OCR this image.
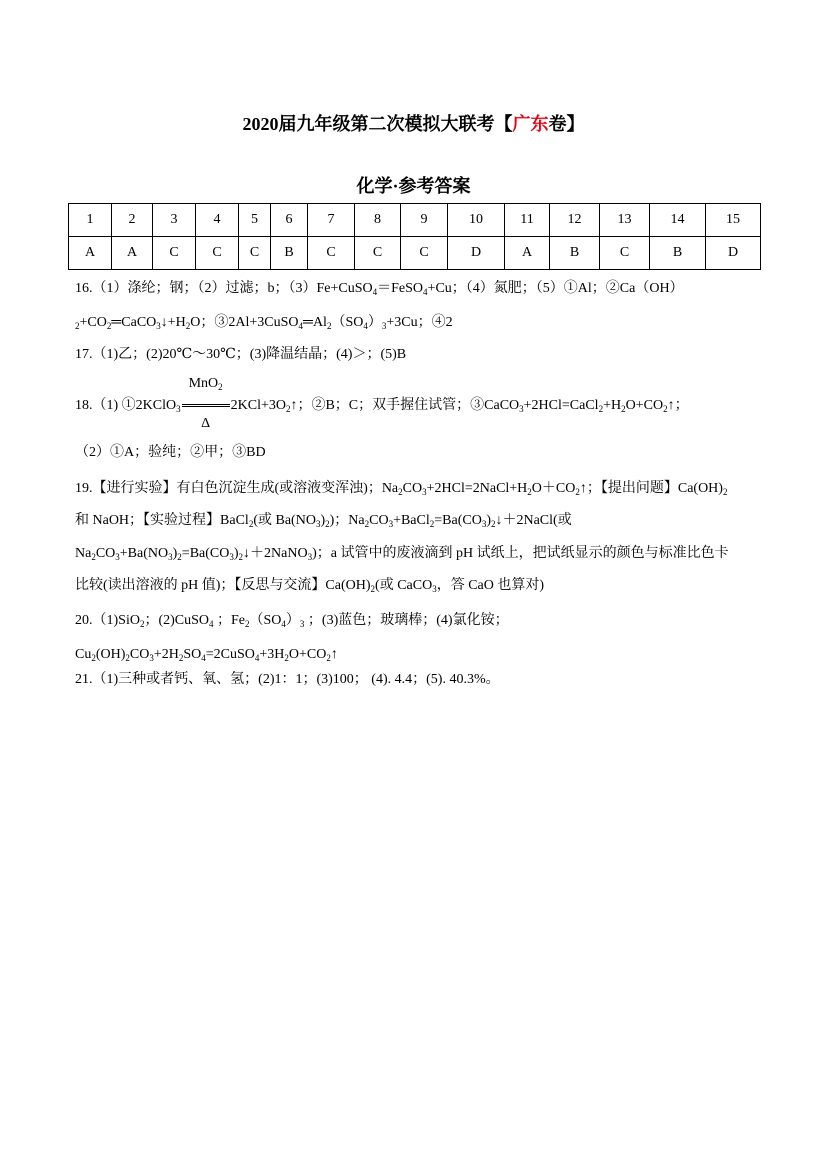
2020届九年级第二次模拟大联考【广东卷】
化学·参考答案
1	2	3	4	5	6	7	8	9	10	11	12	13	14	15
A	A	C	C	C	B	C	C	C	D	A	B	C	B	D
16.（1）涤纶；钢；（2）过滤；b；（3）Fe+CuSO$_4$＝FeSO$_4$+Cu；（4）氮肥；（5）①Al；②Ca（OH）
$_2+CO_2═CaCO_3↓+H_2O$；$③2Al+3CuSO_4═Al_2(SO_4)_3+3Cu$；④2
17.（1)乙；(2)20℃～30℃；(3)降温结晶；(4)＞；(5)B
18.（1) ①2KClO$_3$ $\frac{MnO_2}{\Delta}$ $2KCl+3O_2↑$；②B；C；双手握住试管；$③CaCO_3+2HCl=CaCl_2+H_2O+CO_2↑$；
（2）①A；验纯；②甲；③BD
19.【进行实验】有白色沉淀生成(或溶液变浑浊)；$Na_2CO_3+2HCl=2NaCl+H_2O+CO_2↑$；【提出问题】$Ca(OH)_2$
和 NaOH；【实验过程】BaCl$_2$(或 $Ba(NO_3)_2$)；$Na_2CO_3+BaCl_2=Ba(CO_3)_2↓+2NaCl$(或
$Na_2CO_3+Ba(NO_3)_2=Ba(CO_3)_2↓+2NaNO_3$)；a 试管中的废液滴到 pH 试纸上，把试纸显示的颜色与标准比色卡
比较(读出溶液的 pH 值)；【反思与交流】$Ca(OH)_2$(或 CaCO$_3$，答 CaO 也算对)
20.（1)SiO$_2$；(2)CuSO$_4$ ；$Fe_2(SO_4)_3$ ；(3)蓝色；玻璃棒；(4)氯化铵；
$Cu_2(OH)_2CO_3+2H_2SO_4=2CuSO_4+3H_2O+CO_2↑$
21.（1)三种或者钙、氧、氢；(2)1：1；(3)100； (4). 4.4；(5). 40.3%。
